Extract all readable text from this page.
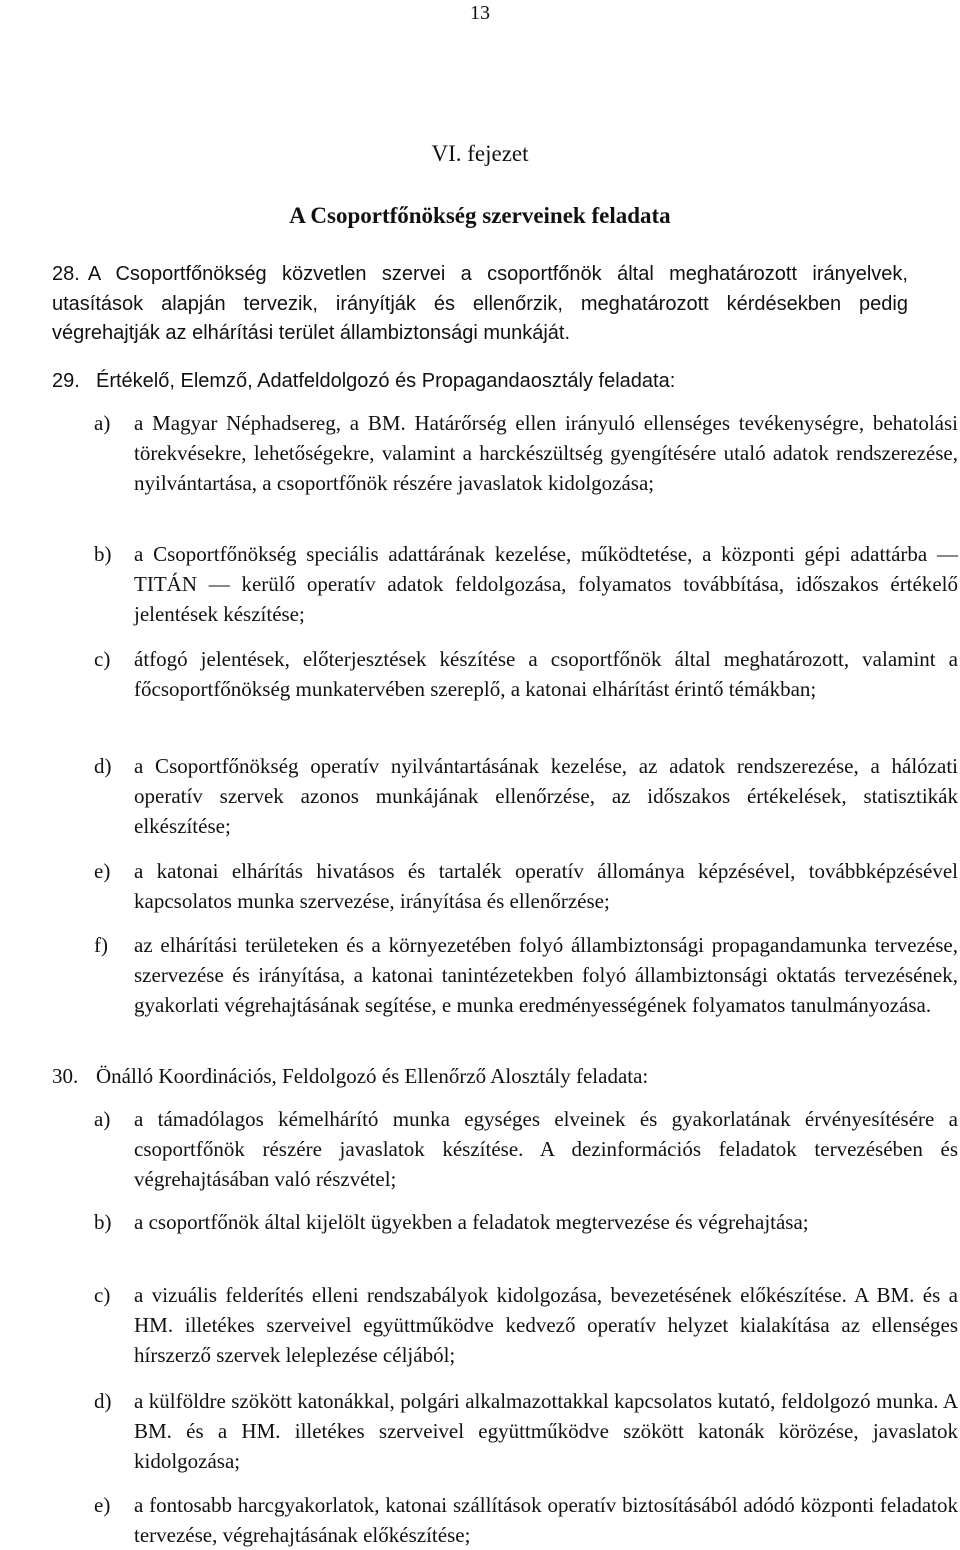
13
VI. fejezet
A Csoportfőnökség szerveinek feladata

28. A Csoportfőnökség közvetlen szervei a csoportfőnök által meghatározott irányelvek, utasítások alapján tervezik, irányítják és ellenőrzik, meghatározott kérdésekben pedig végrehajtják az elhárítási terület állambiztonsági munkáját.

29. Értékelő, Elemző, Adatfeldolgozó és Propagandaosztály feladata:
a)	a Magyar Néphadsereg, a BM. Határőrség ellen irányuló ellenséges tevékenységre, behatolási törekvésekre, lehetőségekre, valamint a harckészültség gyengítésére utaló adatok rendszerezése, nyilvántartása, a csoportfőnök részére javaslatok kidolgozása;
b)	a Csoportfőnökség speciális adattárának kezelése, működtetése, a központi gépi adattárba — TITÁN — kerülő operatív adatok feldolgozása, folyamatos továbbítása, időszakos értékelő jelentések készítése;
c)	átfogó jelentések, előterjesztések készítése a csoportfőnök által meghatározott, valamint a főcsoportfőnökség munkatervében szereplő, a katonai elhárítást érintő témákban;
d)	a Csoportfőnökség operatív nyilvántartásának kezelése, az adatok rendszerezése, a hálózati operatív szervek azonos munkájának ellenőrzése, az időszakos értékelések, statisztikák elkészítése;
e)	a katonai elhárítás hivatásos és tartalék operatív állománya képzésével, továbbképzésével kapcsolatos munka szervezése, irányítása és ellenőrzése;
f)	az elhárítási területeken és a környezetében folyó állambiztonsági propagandamunka tervezése, szervezése és irányítása, a katonai tanintézetekben folyó állambiztonsági oktatás tervezésének, gyakorlati végrehajtásának segítése, e munka eredményességének folyamatos tanulmányozása.
30. Önálló Koordinációs, Feldolgozó és Ellenőrző Alosztály feladata:
a)	a támadólagos kémelhárító munka egységes elveinek és gyakorlatának érvényesítésére a csoportfőnök részére javaslatok készítése. A dezinformációs feladatok tervezésében és végrehajtásában való részvétel;
b)	a csoportfőnök által kijelölt ügyekben a feladatok megtervezése és végrehajtása;
c)	a vizuális felderítés elleni rendszabályok kidolgozása, bevezetésének előkészítése. A BM. és a HM. illetékes szerveivel együttműködve kedvező operatív helyzet kialakítása az ellenséges hírszerző szervek leleplezése céljából;
d)	a külföldre szökött katonákkal, polgári alkalmazottakkal kapcsolatos kutató, feldolgozó munka. A BM. és a HM. illetékes szerveivel együttműködve szökött katonák körözése, javaslatok kidolgozása;
e)	a fontosabb harcgyakorlatok, katonai szállítások operatív biztosításából adódó központi feladatok tervezése, végrehajtásának előkészítése;
